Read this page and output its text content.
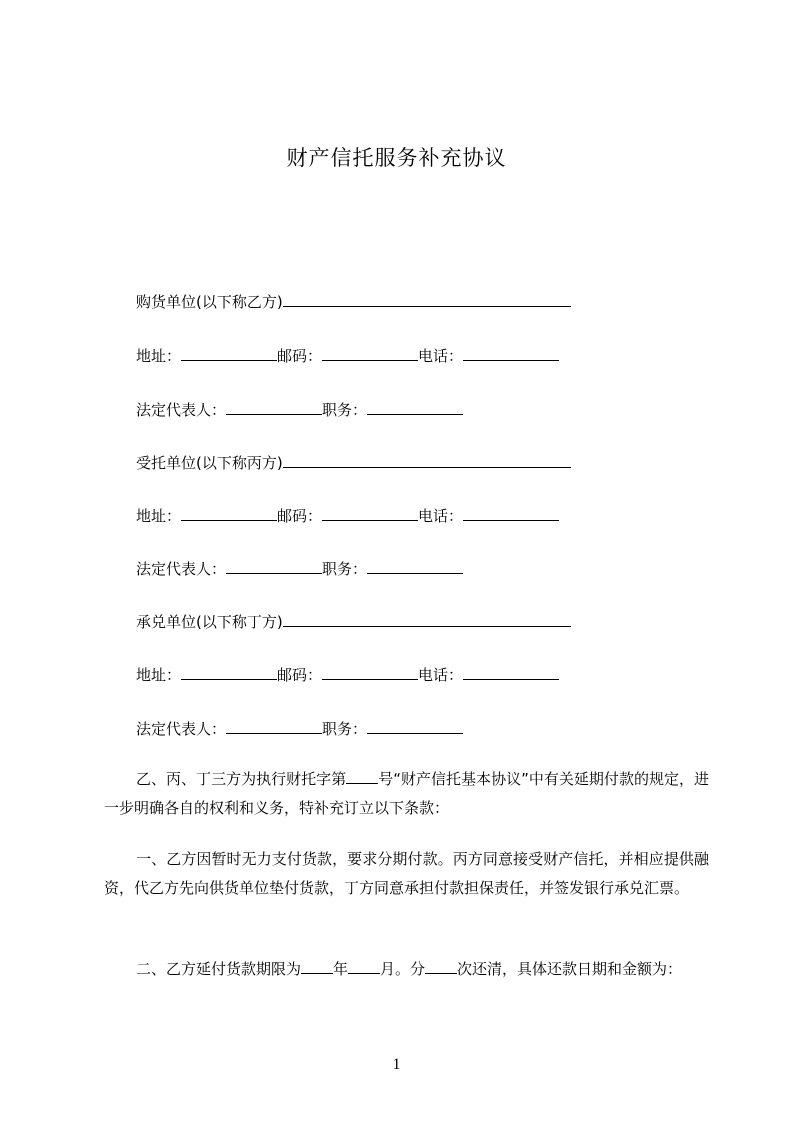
财产信托服务补充协议
购货单位(以下称乙方)
地址：	邮码：	电话：
法定代表人：	职务：
受托单位(以下称丙方)
地址：	邮码：	电话：
法定代表人：	职务：
承兑单位(以下称丁方)
地址：	邮码：	电话：
法定代表人：	职务：
乙、丙、丁三方为执行财托字第 号“财产信托基本协议”中有关延期付款的规定，进一步明确各自的权利和义务，特补充订立以下条款：
一、乙方因暂时无力支付货款，要求分期付款。丙方同意接受财产信托，并相应提供融资，代乙方先向供货单位垫付货款，丁方同意承担付款担保责任，并签发银行承兑汇票。
二、乙方延付货款期限为 年 月。分 次还清，具体还款日期和金额为：
1
